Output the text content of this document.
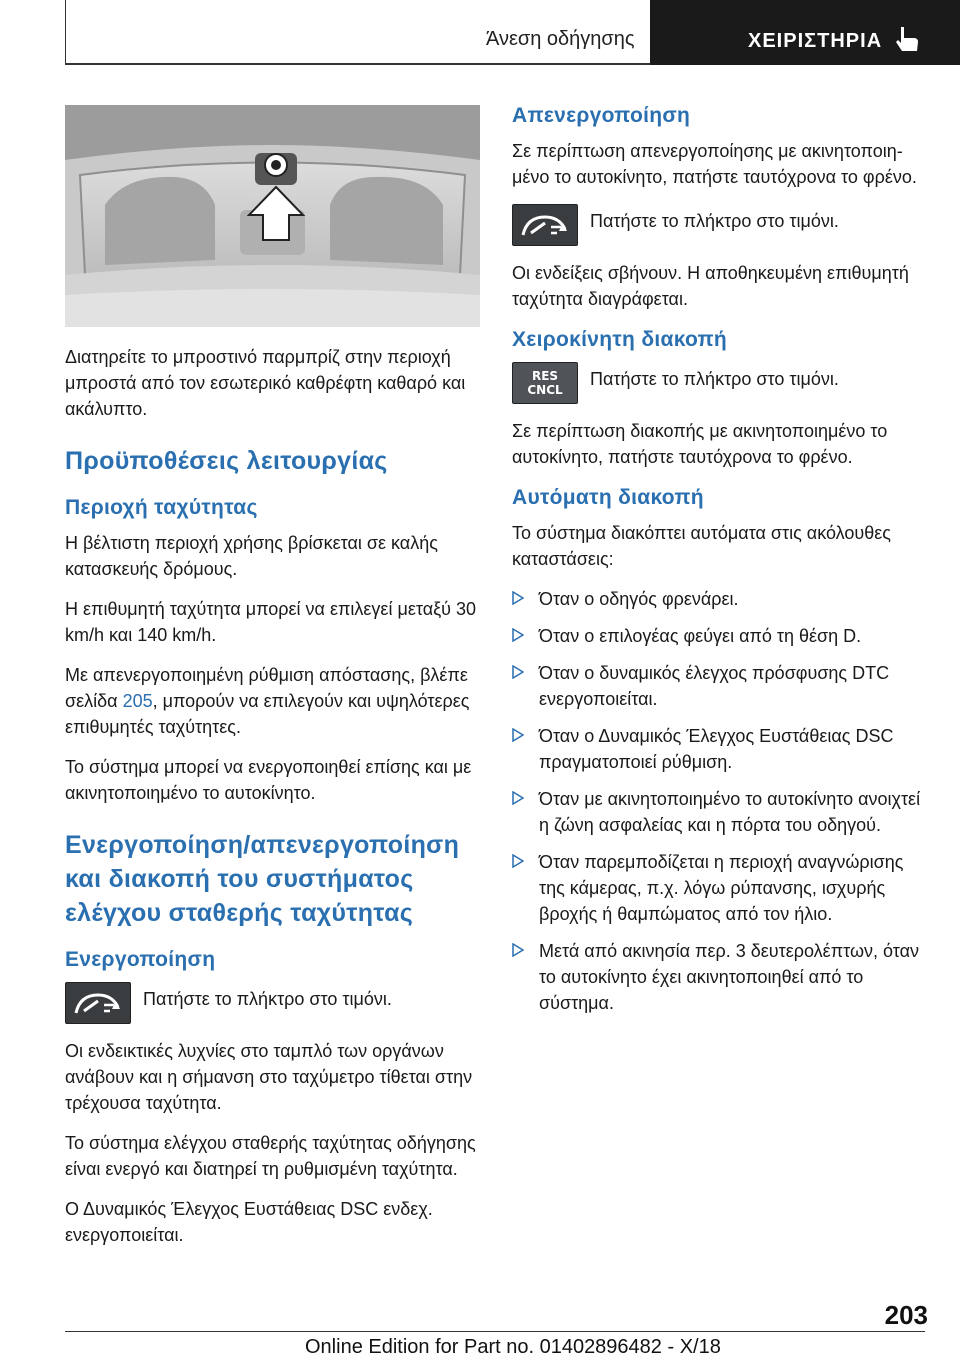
Άνεση οδήγησης	ΧΕΙΡΙΣΤΗΡΙΑ

Διατηρείτε το μπροστινό παρμπρίζ στην περιοχή μπροστά από τον εσωτερικό καθρέφτη καθαρό και ακάλυπτο.

Προϋποθέσεις λειτουργίας
Περιοχή ταχύτητας

Η βέλτιστη περιοχή χρήσης βρίσκεται σε καλής κατασκευής δρόμους.

Η επιθυμητή ταχύτητα μπορεί να επιλεγεί μεταξύ 30 km/h και 140 km/h.

Με απενεργοποιημένη ρύθμιση απόστασης, βλέπε σελίδα 205, μπορούν να επιλεγούν και υψηλότερες επιθυμητές ταχύτητες.

Το σύστημα μπορεί να ενεργοποιηθεί επίσης και με ακινητοποιημένο το αυτοκίνητο.

Ενεργοποίηση/απενεργοποίηση και διακοπή του συστήματος ελέγχου σταθερής ταχύτητας
Ενεργοποίηση
Πατήστε το πλήκτρο στο τιμόνι.

Οι ενδεικτικές λυχνίες στο ταμπλό των οργάνων ανάβουν και η σήμανση στο ταχύμετρο τίθεται στην τρέχουσα ταχύτητα.

Το σύστημα ελέγχου σταθερής ταχύτητας οδήγησης είναι ενεργό και διατηρεί τη ρυθμισμένη ταχύτητα.

Ο Δυναμικός Έλεγχος Ευστάθειας DSC ενδεχ. ενεργοποιείται.

Απενεργοποίηση

Σε περίπτωση απενεργοποίησης με ακινητοποιημένο το αυτοκίνητο, πατήστε ταυτόχρονα το φρένο.

Πατήστε το πλήκτρο στο τιμόνι.

Οι ενδείξεις σβήνουν. Η αποθηκευμένη επιθυμητή ταχύτητα διαγράφεται.

Χειροκίνητη διακοπή
RES
CNCL
Πατήστε το πλήκτρο στο τιμόνι.

Σε περίπτωση διακοπής με ακινητοποιημένο το αυτοκίνητο, πατήστε ταυτόχρονα το φρένο.

Αυτόματη διακοπή

Το σύστημα διακόπτει αυτόματα στις ακόλουθες καταστάσεις:

Όταν ο οδηγός φρενάρει.
Όταν ο επιλογέας φεύγει από τη θέση D.
Όταν ο δυναμικός έλεγχος πρόσφυσης DTC ενεργοποιείται.
Όταν ο Δυναμικός Έλεγχος Ευστάθειας DSC πραγματοποιεί ρύθμιση.
Όταν με ακινητοποιημένο το αυτοκίνητο ανοιχτεί η ζώνη ασφαλείας και η πόρτα του οδηγού.
Όταν παρεμποδίζεται η περιοχή αναγνώρισης της κάμερας, π.χ. λόγω ρύπανσης, ισχυρής βροχής ή θαμπώματος από τον ήλιο.
Μετά από ακινησία περ. 3 δευτερολέπτων, όταν το αυτοκίνητο έχει ακινητοποιηθεί από το σύστημα.
203
Online Edition for Part no. 01402896482 - X/18
